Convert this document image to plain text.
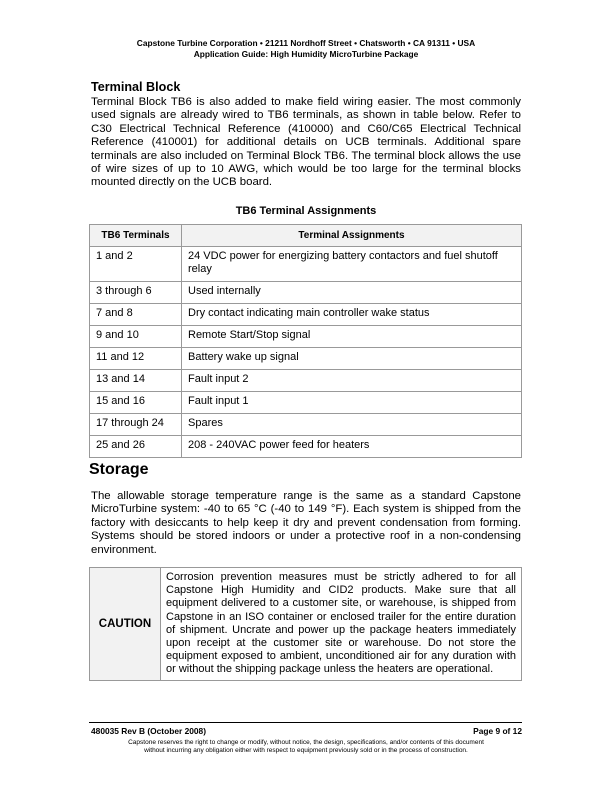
Capstone Turbine Corporation • 21211 Nordhoff Street • Chatsworth • CA 91311 • USA
Application Guide: High Humidity MicroTurbine Package
Terminal Block
Terminal Block TB6 is also added to make field wiring easier. The most commonly used signals are already wired to TB6 terminals, as shown in table below. Refer to C30 Electrical Technical Reference (410000) and C60/C65 Electrical Technical Reference (410001) for additional details on UCB terminals. Additional spare terminals are also included on Terminal Block TB6. The terminal block allows the use of wire sizes of up to 10 AWG, which would be too large for the terminal blocks mounted directly on the UCB board.
TB6 Terminal Assignments
TB6 Terminals	Terminal Assignments
1 and 2	24 VDC power for energizing battery contactors and fuel shutoff relay
3 through 6	Used internally
7 and 8	Dry contact indicating main controller wake status
9 and 10	Remote Start/Stop signal
11 and 12	Battery wake up signal
13 and 14	Fault input 2
15 and 16	Fault input 1
17 through 24	Spares
25 and 26	208 - 240VAC power feed for heaters
Storage
The allowable storage temperature range is the same as a standard Capstone MicroTurbine system: -40 to 65 °C (-40 to 149 °F). Each system is shipped from the factory with desiccants to help keep it dry and prevent condensation from forming. Systems should be stored indoors or under a protective roof in a non-condensing environment.
CAUTION	Corrosion prevention measures must be strictly adhered to for all Capstone High Humidity and CID2 products. Make sure that all equipment delivered to a customer site, or warehouse, is shipped from Capstone in an ISO container or enclosed trailer for the entire duration of shipment. Uncrate and power up the package heaters immediately upon receipt at the customer site or warehouse. Do not store the equipment exposed to ambient, unconditioned air for any duration with or without the shipping package unless the heaters are operational.
480035 Rev B (October 2008)	Page 9 of 12
Capstone reserves the right to change or modify, without notice, the design, specifications, and/or contents of this document
without incurring any obligation either with respect to equipment previously sold or in the process of construction.
